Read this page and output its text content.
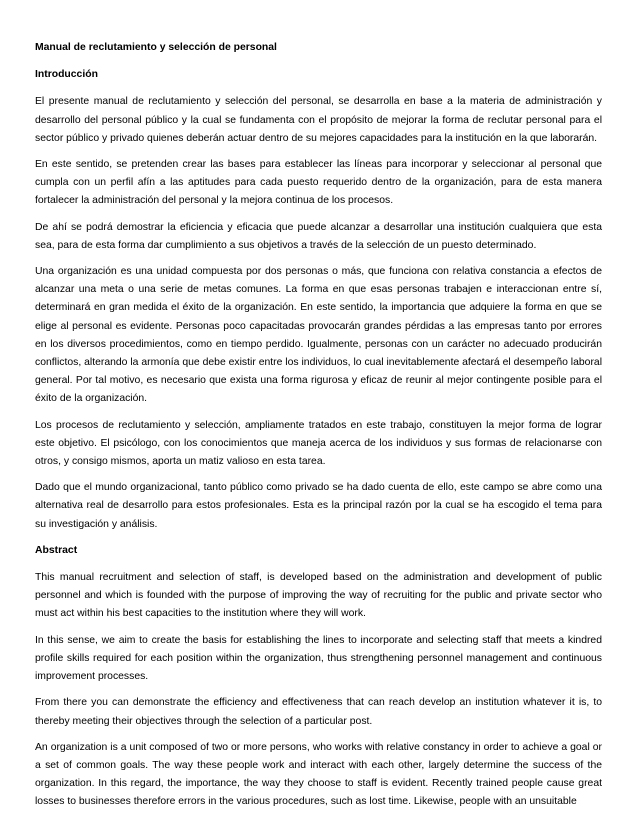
Manual de reclutamiento y selección de personal

Introducción

El presente manual de reclutamiento y selección del personal, se desarrolla en base a la materia de administración y desarrollo del personal público y la cual se fundamenta con el propósito de mejorar la forma de reclutar personal para el sector público y privado quienes deberán actuar dentro de su mejores capacidades para la institución en la que laborarán.

En este sentido, se pretenden crear las bases para establecer las líneas para incorporar y seleccionar al personal que cumpla con un perfil afín a las aptitudes para cada puesto requerido dentro de la organización, para de esta manera fortalecer la administración del personal y la mejora continua de los procesos.

De ahí se podrá demostrar la eficiencia y eficacia que puede alcanzar a desarrollar una institución cualquiera que esta sea, para de esta forma dar cumplimiento a sus objetivos a través de la selección de un puesto determinado.

Una organización es una unidad compuesta por dos personas o más, que funciona con relativa constancia a efectos de alcanzar una meta o una serie de metas comunes. La forma en que esas personas trabajen e interaccionan entre sí, determinará en gran medida el éxito de la organización. En este sentido, la importancia que adquiere la forma en que se elige al personal es evidente. Personas poco capacitadas provocarán grandes pérdidas a las empresas tanto por errores en los diversos procedimientos, como en tiempo perdido. Igualmente, personas con un carácter no adecuado producirán conflictos, alterando la armonía que debe existir entre los individuos, lo cual inevitablemente afectará el desempeño laboral general. Por tal motivo, es necesario que exista una forma rigurosa y eficaz de reunir al mejor contingente posible para el éxito de la organización.

Los procesos de reclutamiento y selección, ampliamente tratados en este trabajo, constituyen la mejor forma de lograr este objetivo. El psicólogo, con los conocimientos que maneja acerca de los individuos y sus formas de relacionarse con otros, y consigo mismos, aporta un matiz valioso en esta tarea.

Dado que el mundo organizacional, tanto público como privado se ha dado cuenta de ello, este campo se abre como una alternativa real de desarrollo para estos profesionales. Esta es la principal razón por la cual se ha escogido el tema para su investigación y análisis.

Abstract

This manual recruitment and selection of staff, is developed based on the administration and development of public personnel and which is founded with the purpose of improving the way of recruiting for the public and private sector who must act within his best capacities to the institution where they will work.

In this sense, we aim to create the basis for establishing the lines to incorporate and selecting staff that meets a kindred profile skills required for each position within the organization, thus strengthening personnel management and continuous improvement processes.

From there you can demonstrate the efficiency and effectiveness that can reach develop an institution whatever it is, to thereby meeting their objectives through the selection of a particular post.

An organization is a unit composed of two or more persons, who works with relative constancy in order to achieve a goal or a set of common goals. The way these people work and interact with each other, largely determine the success of the organization. In this regard, the importance, the way they choose to staff is evident. Recently trained people cause great losses to businesses therefore errors in the various procedures, such as lost time. Likewise, people with an unsuitable
